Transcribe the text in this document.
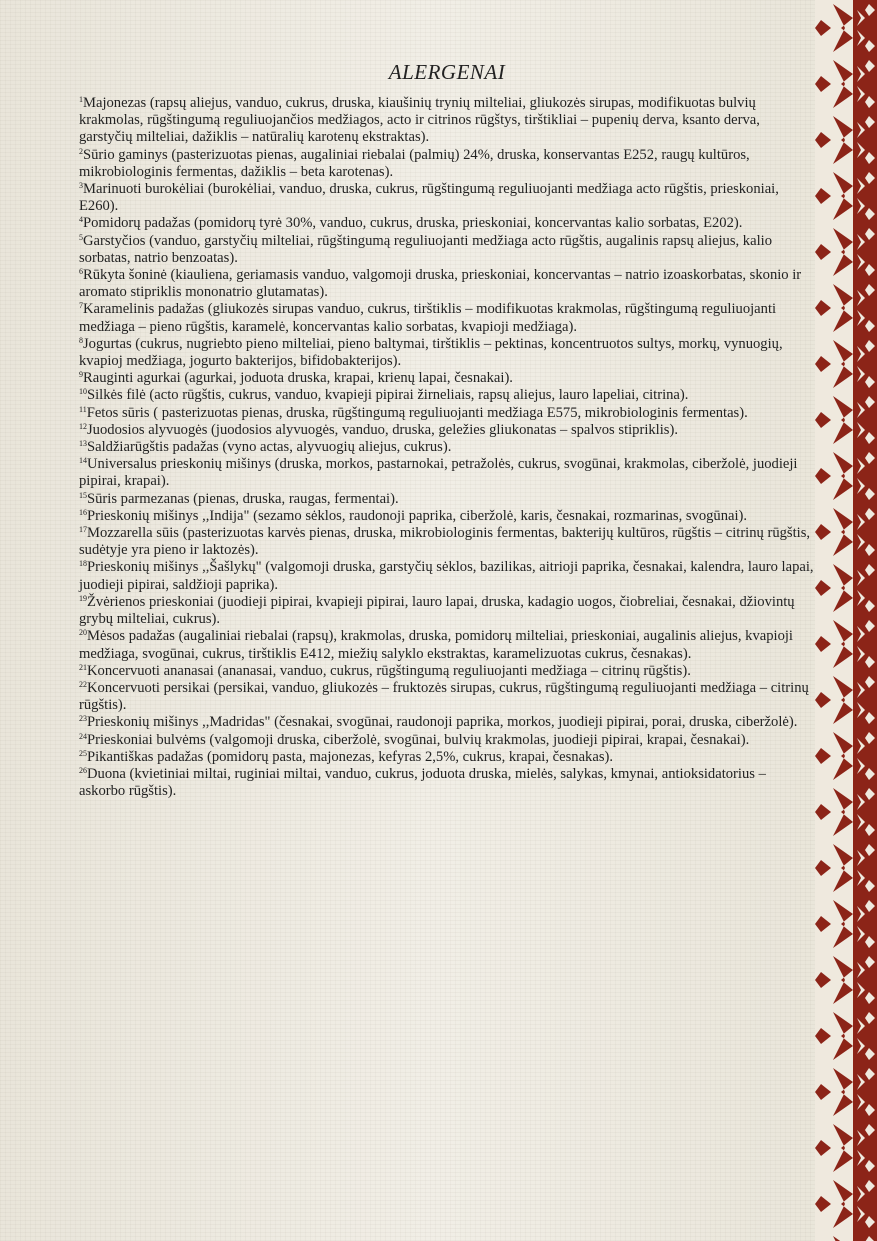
ALERGENAI
$^1$Majonezas (rapsų aliejus, vanduo, cukrus, druska, kiaušinių trynių milteliai, gliukozės sirupas, modifikuotas bulvių krakmolas, rūgštingumą reguliuojančios medžiagos, acto ir citrinos rūgštys, tirštikliai – pupenių derva, ksanto derva, garstyčių milteliai, dažiklis – natūralių karotenų ekstraktas).
$^2$Sūrio gaminys (pasterizuotas pienas, augaliniai riebalai (palmių) 24%, druska, konservantas E252, raugų kultūros, mikrobiologinis fermentas, dažiklis – beta karotenas).
$^3$Marinuoti burokėliai (burokėliai, vanduo, druska, cukrus, rūgštingumą reguliuojanti medžiaga acto rūgštis, prieskoniai, E260).
$^4$Pomidorų padažas (pomidorų tyrė 30%, vanduo, cukrus, druska, prieskoniai, koncervantas kalio sorbatas, E202).
$^5$Garstyčios (vanduo, garstyčių milteliai, rūgštingumą reguliuojanti medžiaga acto rūgštis, augalinis rapsų aliejus, kalio sorbatas, natrio benzoatas).
$^6$Rūkyta šoninė (kiauliena, geriamasis vanduo, valgomoji druska, prieskoniai, koncervantas – natrio izoaskorbatas, skonio ir aromato stipriklis mononatrio glutamatas).
$^7$Karamelinis padažas (gliukozės sirupas vanduo, cukrus, tirštiklis – modifikuotas krakmolas, rūgštingumą reguliuojanti medžiaga – pieno rūgštis, karamelė, koncervantas kalio sorbatas, kvapioji medžiaga).
$^8$Jogurtas (cukrus, nugriebto pieno milteliai, pieno baltymai, tirštiklis – pektinas, koncentruotos sultys, morkų, vynuogių, kvapioj medžiaga, jogurto bakterijos, bifidobakterijos).
$^9$Rauginti agurkai (agurkai, joduota druska, krapai, krienų lapai, česnakai).
$^{10}$Silkės filė (acto rūgštis, cukrus, vanduo, kvapieji pipirai žirneliais, rapsų aliejus, lauro lapeliai, citrina).
$^{11}$Fetos sūris ( pasterizuotas pienas, druska, rūgštingumą reguliuojanti medžiaga E575, mikrobiologinis fermentas).
$^{12}$Juodosios alyvuogės (juodosios alyvuogės, vanduo, druska, geležies gliukonatas – spalvos stipriklis).
$^{13}$Saldžiarūgštis padažas (vyno actas, alyvuogių aliejus, cukrus).
$^{14}$Universalus prieskonių mišinys (druska, morkos, pastarnokai, petražolės, cukrus, svogūnai, krakmolas, ciberžolė, juodieji pipirai, krapai).
$^{15}$Sūris parmezanas (pienas, druska, raugas, fermentai).
$^{16}$Prieskonių mišinys ,,Indija" (sezamo sėklos, raudonoji paprika, ciberžolė, karis, česnakai, rozmarinas, svogūnai).
$^{17}$Mozzarella sūis (pasterizuotas karvės pienas, druska, mikrobiologinis fermentas, bakterijų kultūros, rūgštis – citrinų rūgštis, sudėtyje yra pieno ir laktozės).
$^{18}$Prieskonių mišinys ,,Šašlykų" (valgomoji druska, garstyčių sėklos, bazilikas, aitrioji paprika, česnakai, kalendra, lauro lapai, juodieji pipirai, saldžioji paprika).
$^{19}$Žvėrienos prieskoniai (juodieji pipirai, kvapieji pipirai, lauro lapai, druska, kadagio uogos, čiobreliai, česnakai, džiovintų grybų milteliai, cukrus).
$^{20}$Mėsos padažas (augaliniai riebalai (rapsų), krakmolas, druska, pomidorų milteliai, prieskoniai, augalinis aliejus, kvapioji medžiaga, svogūnai, cukrus, tirštiklis E412, miežių salyklo ekstraktas, karamelizuotas cukrus, česnakas).
$^{21}$Koncervuoti ananasai (ananasai, vanduo, cukrus, rūgštingumą reguliuojanti medžiaga – citrinų rūgštis).
$^{22}$Koncervuoti persikai (persikai, vanduo, gliukozės – fruktozės sirupas, cukrus, rūgštingumą reguliuojanti medžiaga – citrinų rūgštis).
$^{23}$Prieskonių mišinys ,,Madridas" (česnakai, svogūnai, raudonoji paprika, morkos, juodieji pipirai, porai, druska, ciberžolė).
$^{24}$Prieskoniai bulvėms (valgomoji druska, ciberžolė, svogūnai, bulvių krakmolas, juodieji pipirai, krapai, česnakai).
$^{25}$Pikantiškas padažas (pomidorų pasta, majonezas, kefyras 2,5%, cukrus, krapai, česnakas).
$^{26}$Duona (kvietiniai miltai, ruginiai miltai, vanduo, cukrus, joduota druska, mielės, salykas, kmynai, antioksidatorius – askorbo rūgštis).
